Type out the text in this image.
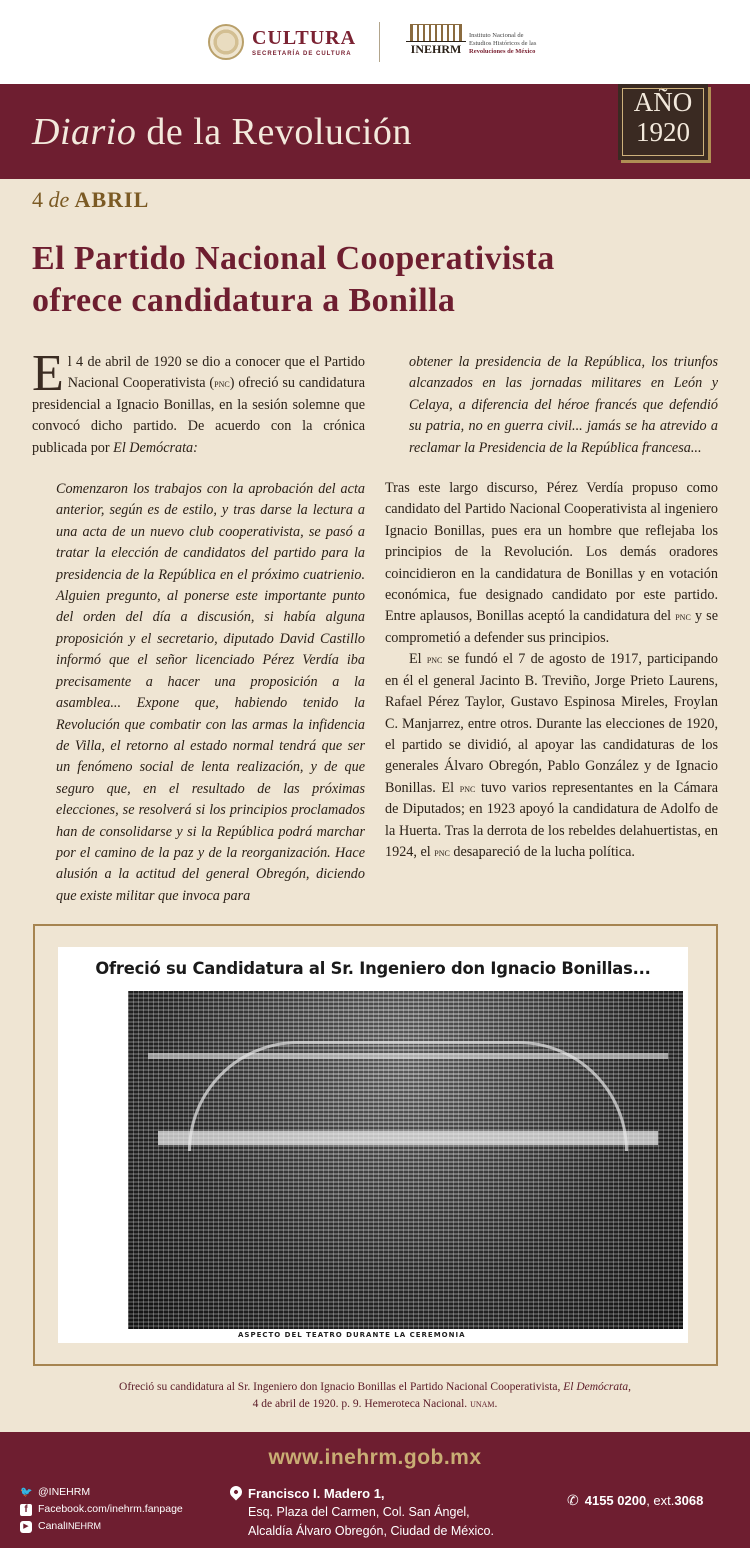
CULTURA
SECRETARÍA DE CULTURA	INEHRM
Instituto Nacional de
Estudios Históricos de las
Revoluciones de México
Diario de la Revolución
AÑO
1920
4 de ABRIL
El Partido Nacional Cooperativista ofrece candidatura a Bonilla

El 4 de abril de 1920 se dio a conocer que el Partido Nacional Cooperativista (pnc) ofreció su candidatura presidencial a Ignacio Bonillas, en la sesión solemne que convocó dicho partido. De acuerdo con la crónica publicada por El Demócrata:

Comenzaron los trabajos con la aprobación del acta anterior, según es de estilo, y tras darse la lectura a una acta de un nuevo club cooperativista, se pasó a tratar la elección de candidatos del partido para la presidencia de la República en el próximo cuatrienio. Alguien pregunto, al ponerse este importante punto del orden del día a discusión, si había alguna proposición y el secretario, diputado David Castillo informó que el señor licenciado Pérez Verdía iba precisamente a hacer una proposición a la asamblea... Expone que, habiendo tenido la Revolución que combatir con las armas la infidencia de Villa, el retorno al estado normal tendrá que ser un fenómeno social de lenta realización, y de que seguro que, en el resultado de las próximas elecciones, se resolverá si los principios proclamados han de consolidarse y si la República podrá marchar por el camino de la paz y de la reorganización. Hace alusión a la actitud del general Obregón, diciendo que existe militar que invoca para

obtener la presidencia de la República, los triunfos alcanzados en las jornadas militares en León y Celaya, a diferencia del héroe francés que defendió su patria, no en guerra civil... jamás se ha atrevido a reclamar la Presidencia de la República francesa...

Tras este largo discurso, Pérez Verdía propuso como candidato del Partido Nacional Cooperativista al ingeniero Ignacio Bonillas, pues era un hombre que reflejaba los principios de la Revolución. Los demás oradores coincidieron en la candidatura de Bonillas y en votación económica, fue designado candidato por este partido. Entre aplausos, Bonillas aceptó la candidatura del pnc y se comprometió a defender sus principios.

El pnc se fundó el 7 de agosto de 1917, participando en él el general Jacinto B. Treviño, Jorge Prieto Laurens, Rafael Pérez Taylor, Gustavo Espinosa Mireles, Froylan C. Manjarrez, entre otros. Durante las elecciones de 1920, el partido se dividió, al apoyar las candidaturas de los generales Álvaro Obregón, Pablo González y de Ignacio Bonillas. El pnc tuvo varios representantes en la Cámara de Diputados; en 1923 apoyó la candidatura de Adolfo de la Huerta. Tras la derrota de los rebeldes delahuertistas, en 1924, el pnc desapareció de la lucha política.

Ofreció su Candidatura al Sr. Ingeniero don Ignacio Bonillas...
ASPECTO DEL TEATRO DURANTE LA CEREMONIA
Ofreció su candidatura al Sr. Ingeniero don Ignacio Bonillas el Partido Nacional Cooperativista, El Demócrata,
4 de abril de 1920. p. 9. Hemeroteca Nacional. unam.
www.inehrm.gob.mx
🐦 @INEHRM
f Facebook.com/inehrm.fanpage
▶ Canal INEHRM
Francisco I. Madero 1,
Esq. Plaza del Carmen, Col. San Ángel,
Alcaldía Álvaro Obregón, Ciudad de México.
✆ 4155 0200 , ext. 3068
